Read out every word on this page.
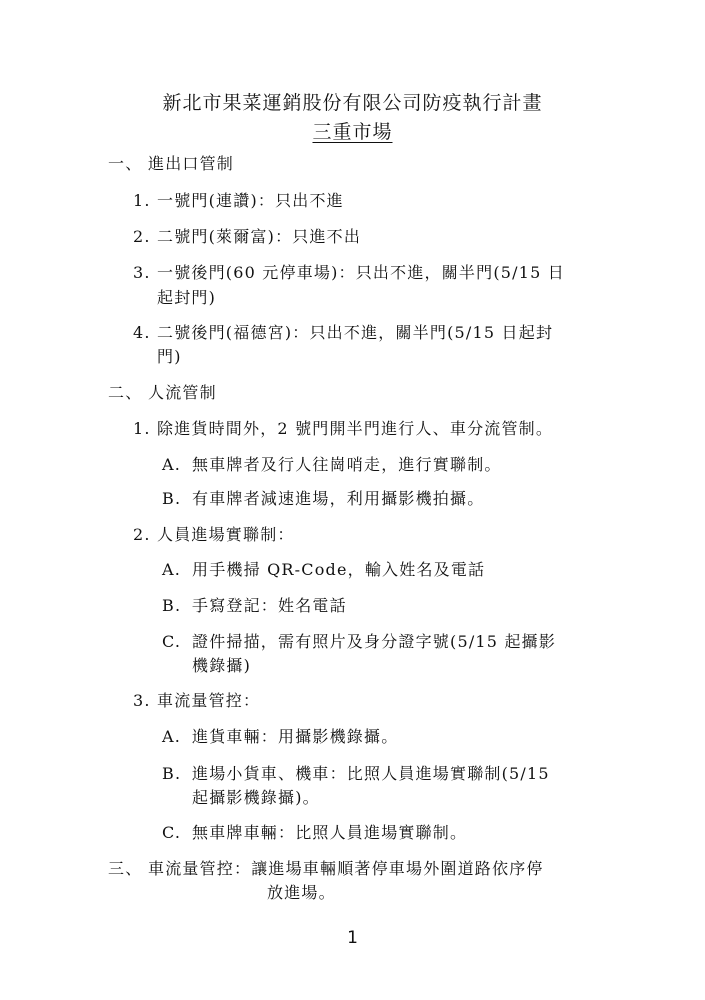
新北市果菜運銷股份有限公司防疫執行計畫
三重市場
一、 進出口管制
1. 一號門(連讚)：只出不進
2. 二號門(萊爾富)：只進不出
3. 一號後門(60 元停車場)：只出不進，關半門(5/15 日
起封門)
4. 二號後門(福德宮)：只出不進，關半門(5/15 日起封
門)
二、 人流管制
1. 除進貨時間外，2 號門開半門進行人、車分流管制。
A. 無車牌者及行人往崗哨走，進行實聯制。
B. 有車牌者減速進場，利用攝影機拍攝。
2. 人員進場實聯制：
A. 用手機掃 QR-Code，輸入姓名及電話
B. 手寫登記：姓名電話
C. 證件掃描，需有照片及身分證字號(5/15 起攝影
機錄攝)
3. 車流量管控：
A. 進貨車輛：用攝影機錄攝。
B. 進場小貨車、機車：比照人員進場實聯制(5/15
起攝影機錄攝)。
C. 無車牌車輛：比照人員進場實聯制。
三、 車流量管控：讓進場車輛順著停車場外圍道路依序停
放進場。
1
